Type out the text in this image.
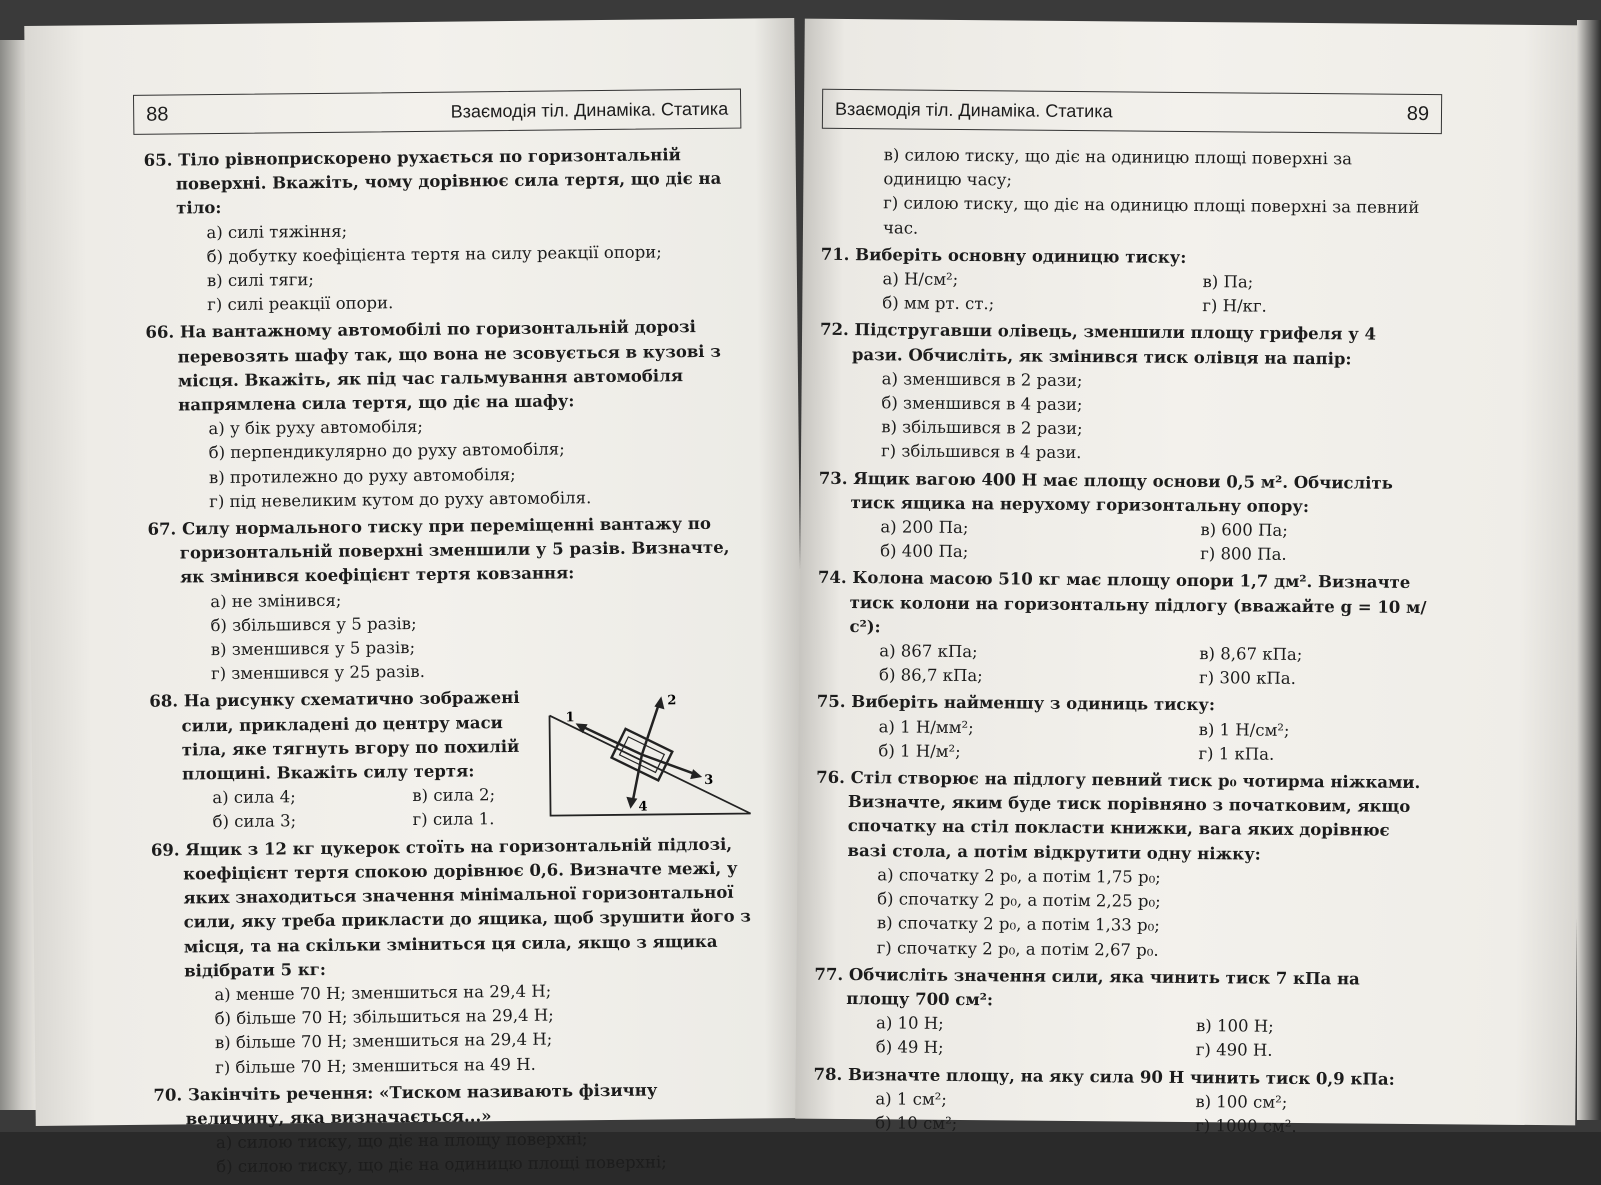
88	Взаємодія тіл. Динаміка. Статика
65. Тіло рівноприскорено рухається по горизонтальній поверхні. Вкажіть, чому дорівнює сила тертя, що діє на тіло:
а) силі тяжіння;
б) добутку коефіцієнта тертя на силу реакції опори;
в) силі тяги;
г) силі реакції опори.
66. На вантажному автомобілі по горизонтальній дорозі перевозять шафу так, що вона не зсовується в кузові з місця. Вкажіть, як під час гальмування автомобіля напрямлена сила тертя, що діє на шафу:
а) у бік руху автомобіля;
б) перпендикулярно до руху автомобіля;
в) протилежно до руху автомобіля;
г) під невеликим кутом до руху автомобіля.
67. Силу нормального тиску при переміщенні вантажу по горизонтальній поверхні зменшили у 5 разів. Визначте, як змінився коефіцієнт тертя ковзання:
а) не змінився;
б) збільшився у 5 разів;
в) зменшився у 5 разів;
г) зменшився у 25 разів.
68. На рисунку схематично зображені сили, прикладені до центру маси тіла, яке тягнуть вгору по похилій площині. Вкажіть силу тертя:
а) сила 4;	в) сила 2;
б) сила 3;	г) сила 1.
1
2
3
4
69. Ящик з 12 кг цукерок стоїть на горизонтальній підлозі, коефіцієнт тертя спокою дорівнює 0,6. Визначте межі, у яких знаходиться значення мінімальної горизонтальної сили, яку треба прикласти до ящика, щоб зрушити його з місця, та на скільки зміниться ця сила, якщо з ящика відібрати 5 кг:
а) менше 70 Н; зменшиться на 29,4 Н;
б) більше 70 Н; збільшиться на 29,4 Н;
в) більше 70 Н; зменшиться на 29,4 Н;
г) більше 70 Н; зменшиться на 49 Н.
70. Закінчіть речення: «Тиском називають фізичну величину, яка визначається...»
а) силою тиску, що діє на площу поверхні;
б) силою тиску, що діє на одиницю площі поверхні;
Взаємодія тіл. Динаміка. Статика	89
в) силою тиску, що діє на одиницю площі поверхні за одиницю часу;
г) силою тиску, що діє на одиницю площі поверхні за певний час.
71. Виберіть основну одиницю тиску:
а) Н/см²;	в) Па;
б) мм рт. ст.;	г) Н/кг.
72. Підстругавши олівець, зменшили площу грифеля у 4 рази. Обчисліть, як змінився тиск олівця на папір:
а) зменшився в 2 рази;
б) зменшився в 4 рази;
в) збільшився в 2 рази;
г) збільшився в 4 рази.
73. Ящик вагою 400 Н має площу основи 0,5 м². Обчисліть тиск ящика на нерухому горизонтальну опору:
а) 200 Па;	в) 600 Па;
б) 400 Па;	г) 800 Па.
74. Колона масою 510 кг має площу опори 1,7 дм². Визначте тиск колони на горизонтальну підлогу (вважайте g = 10 м/с²):
а) 867 кПа;	в) 8,67 кПа;
б) 86,7 кПа;	г) 300 кПа.
75. Виберіть найменшу з одиниць тиску:
а) 1 Н/мм²;	в) 1 Н/см²;
б) 1 Н/м²;	г) 1 кПа.
76. Стіл створює на підлогу певний тиск p₀ чотирма ніжками. Визначте, яким буде тиск порівняно з початковим, якщо спочатку на стіл покласти книжки, вага яких дорівнює вазі стола, а потім відкрутити одну ніжку:
а) спочатку 2 p₀, а потім 1,75 p₀;
б) спочатку 2 p₀, а потім 2,25 p₀;
в) спочатку 2 p₀, а потім 1,33 p₀;
г) спочатку 2 p₀, а потім 2,67 p₀.
77. Обчисліть значення сили, яка чинить тиск 7 кПа на площу 700 см²:
а) 10 Н;	в) 100 Н;
б) 49 Н;	г) 490 Н.
78. Визначте площу, на яку сила 90 Н чинить тиск 0,9 кПа:
а) 1 см²;	в) 100 см²;
б) 10 см²;	г) 1000 см².
